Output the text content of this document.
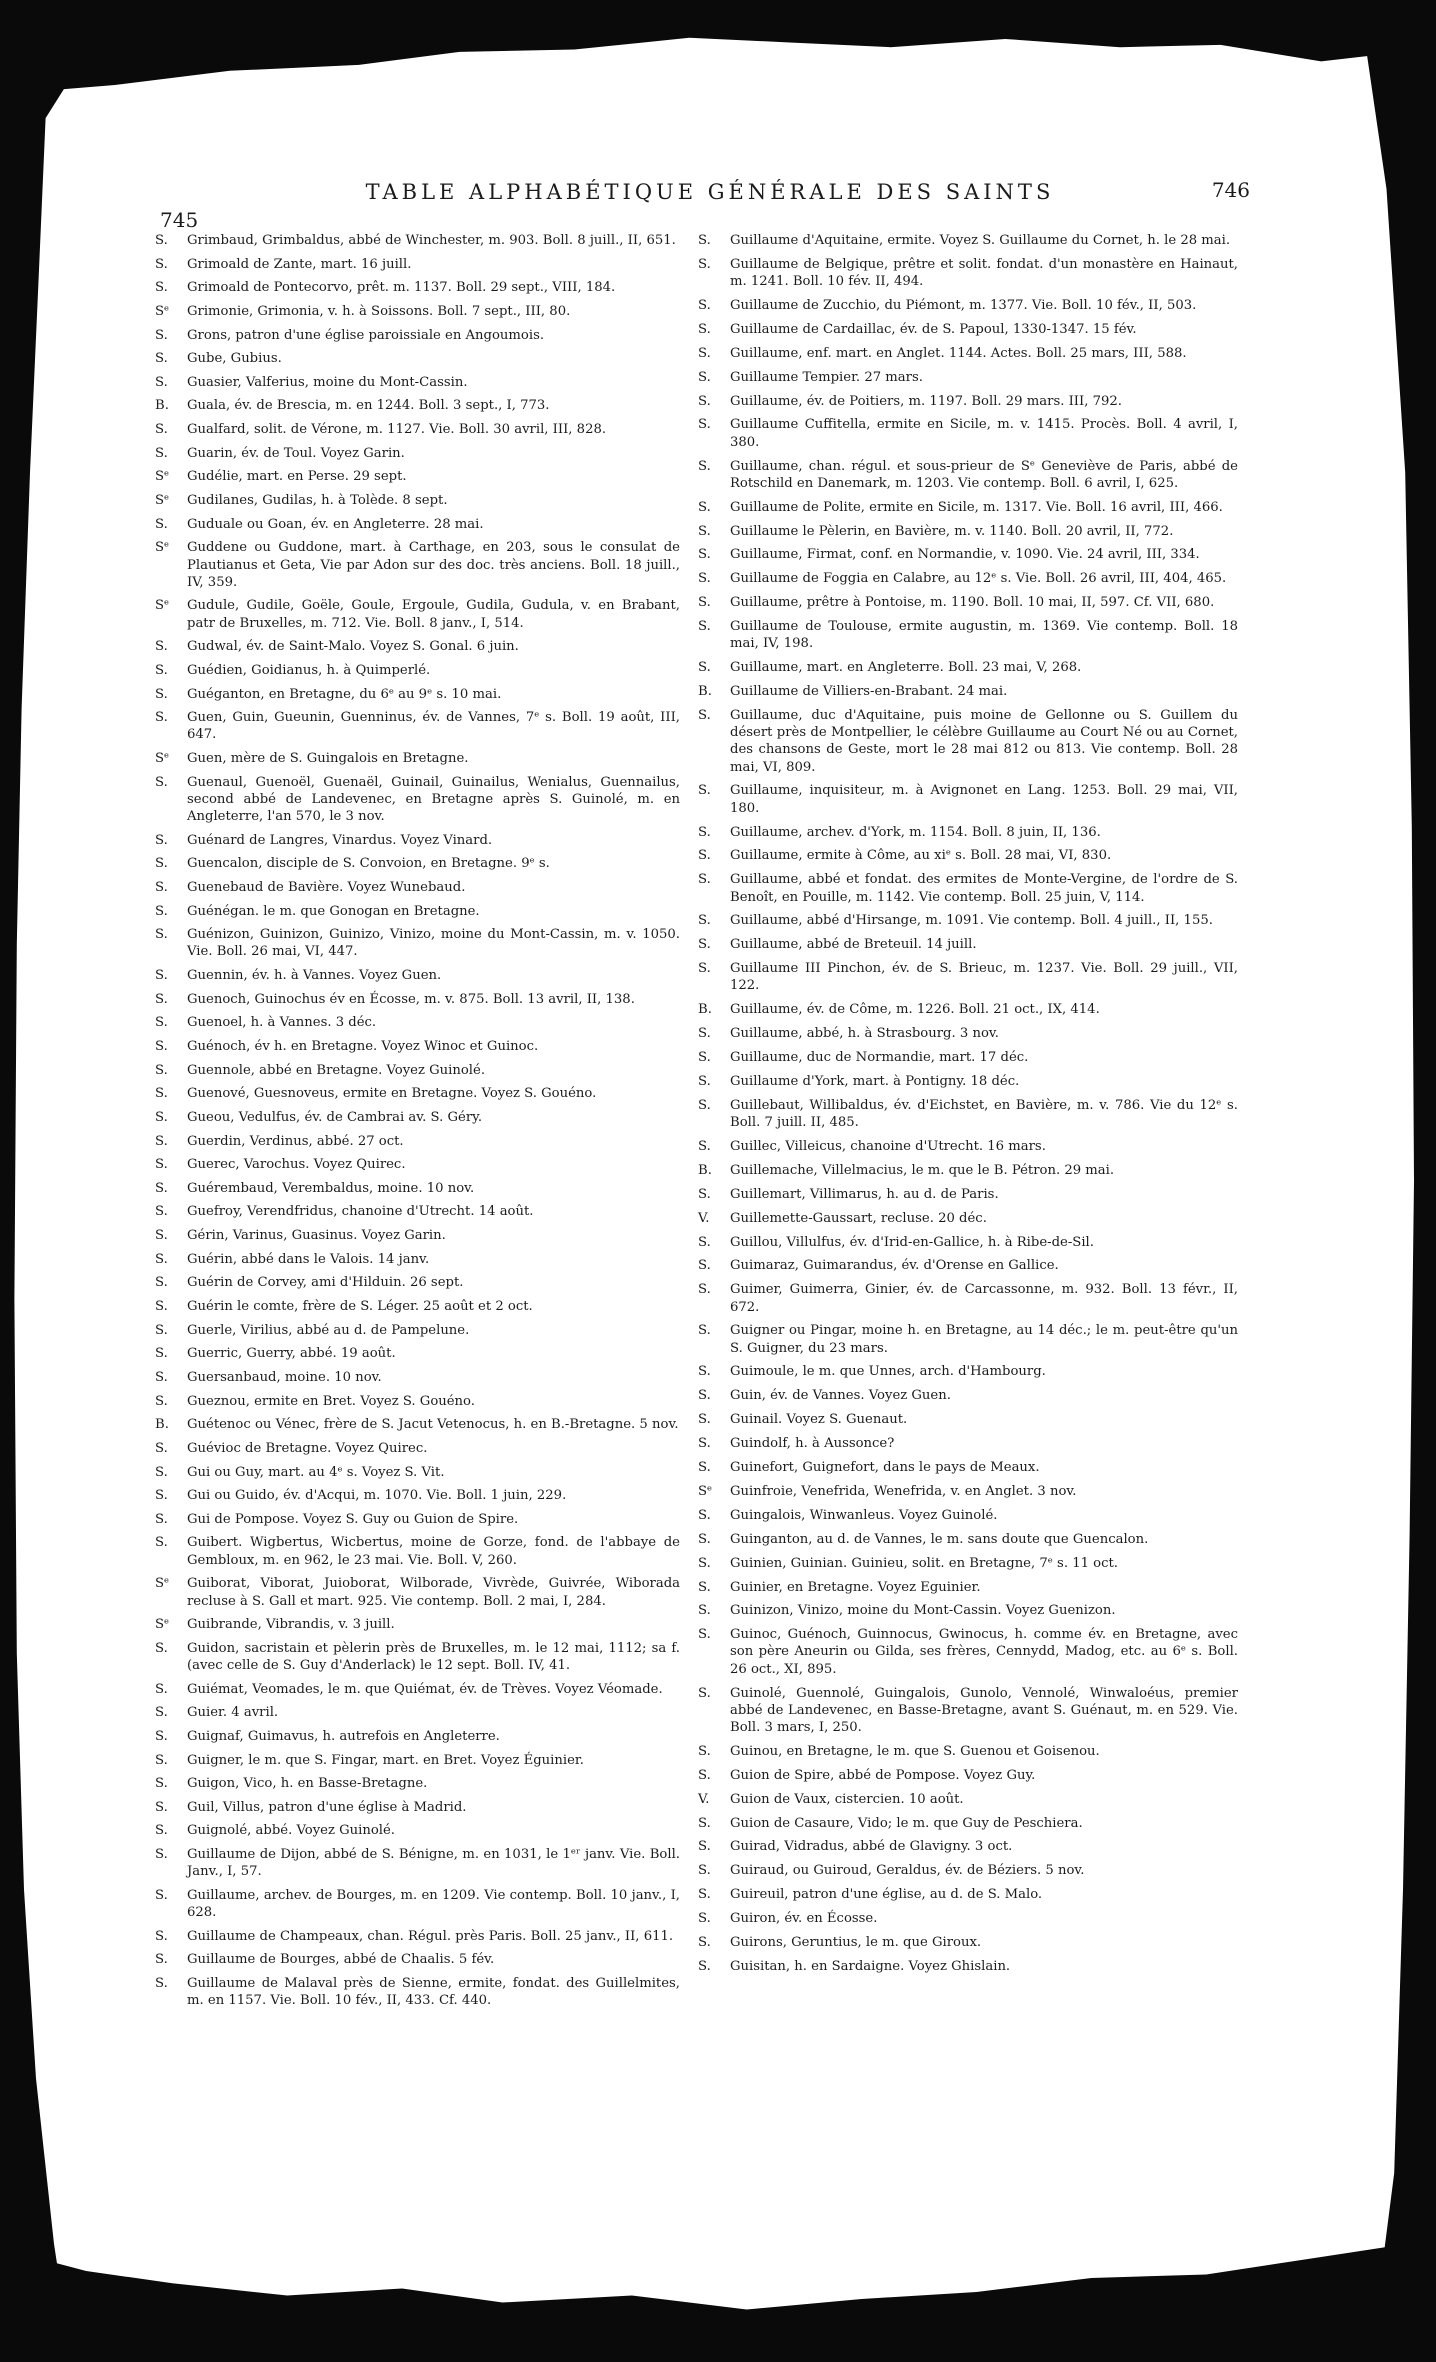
745
TABLE ALPHABÉTIQUE GÉNÉRALE DES SAINTS	746
S.	Grimbaud, Grimbaldus, abbé de Winchester, m. 903. Boll. 8 juill., II, 651.
S.	Grimoald de Zante, mart. 16 juill.
S.	Grimoald de Pontecorvo, prêt. m. 1137. Boll. 29 sept., VIII, 184.
Sᵉ	Grimonie, Grimonia, v. h. à Soissons. Boll. 7 sept., III, 80.
S.	Grons, patron d'une église paroissiale en Angoumois.
S.	Gube, Gubius.
S.	Guasier, Valferius, moine du Mont-Cassin.
B.	Guala, év. de Brescia, m. en 1244. Boll. 3 sept., I, 773.
S.	Gualfard, solit. de Vérone, m. 1127. Vie. Boll. 30 avril, III, 828.
S.	Guarin, év. de Toul. Voyez Garin.
Sᵉ	Gudélie, mart. en Perse. 29 sept.
Sᵉ	Gudilanes, Gudilas, h. à Tolède. 8 sept.
S.	Guduale ou Goan, év. en Angleterre. 28 mai.
Sᵉ	Guddene ou Guddone, mart. à Carthage, en 203, sous le consulat de Plautianus et Geta, Vie par Adon sur des doc. très anciens. Boll. 18 juill., IV, 359.
Sᵉ	Gudule, Gudile, Goële, Goule, Ergoule, Gudila, Gudula, v. en Brabant, patr de Bruxelles, m. 712. Vie. Boll. 8 janv., I, 514.
S.	Gudwal, év. de Saint-Malo. Voyez S. Gonal. 6 juin.
S.	Guédien, Goidianus, h. à Quimperlé.
S.	Guéganton, en Bretagne, du 6ᵉ au 9ᵉ s. 10 mai.
S.	Guen, Guin, Gueunin, Guenninus, év. de Vannes, 7ᵉ s. Boll. 19 août, III, 647.
Sᵉ	Guen, mère de S. Guingalois en Bretagne.
S.	Guenaul, Guenoël, Guenaël, Guinail, Guinailus, Wenialus, Guennailus, second abbé de Landevenec, en Bretagne après S. Guinolé, m. en Angleterre, l'an 570, le 3 nov.
S.	Guénard de Langres, Vinardus. Voyez Vinard.
S.	Guencalon, disciple de S. Convoion, en Bretagne. 9ᵉ s.
S.	Guenebaud de Bavière. Voyez Wunebaud.
S.	Guénégan. le m. que Gonogan en Bretagne.
S.	Guénizon, Guinizon, Guinizo, Vinizo, moine du Mont-Cassin, m. v. 1050. Vie. Boll. 26 mai, VI, 447.
S.	Guennin, év. h. à Vannes. Voyez Guen.
S.	Guenoch, Guinochus év en Écosse, m. v. 875. Boll. 13 avril, II, 138.
S.	Guenoel, h. à Vannes. 3 déc.
S.	Guénoch, év h. en Bretagne. Voyez Winoc et Guinoc.
S.	Guennole, abbé en Bretagne. Voyez Guinolé.
S.	Guenové, Guesnoveus, ermite en Bretagne. Voyez S. Gouéno.
S.	Gueou, Vedulfus, év. de Cambrai av. S. Géry.
S.	Guerdin, Verdinus, abbé. 27 oct.
S.	Guerec, Varochus. Voyez Quirec.
S.	Guérembaud, Verembaldus, moine. 10 nov.
S.	Guefroy, Verendfridus, chanoine d'Utrecht. 14 août.
S.	Gérin, Varinus, Guasinus. Voyez Garin.
S.	Guérin, abbé dans le Valois. 14 janv.
S.	Guérin de Corvey, ami d'Hilduin. 26 sept.
S.	Guérin le comte, frère de S. Léger. 25 août et 2 oct.
S.	Guerle, Virilius, abbé au d. de Pampelune.
S.	Guerric, Guerry, abbé. 19 août.
S.	Guersanbaud, moine. 10 nov.
S.	Gueznou, ermite en Bret. Voyez S. Gouéno.
B.	Guétenoc ou Vénec, frère de S. Jacut Vetenocus, h. en B.-Bretagne. 5 nov.
S.	Guévioc de Bretagne. Voyez Quirec.
S.	Gui ou Guy, mart. au 4ᵉ s. Voyez S. Vit.
S.	Gui ou Guido, év. d'Acqui, m. 1070. Vie. Boll. 1 juin, 229.
S.	Gui de Pompose. Voyez S. Guy ou Guion de Spire.
S.	Guibert. Wigbertus, Wicbertus, moine de Gorze, fond. de l'abbaye de Gembloux, m. en 962, le 23 mai. Vie. Boll. V, 260.
Sᵉ	Guiborat, Viborat, Juioborat, Wilborade, Vivrède, Guivrée, Wiborada recluse à S. Gall et mart. 925. Vie contemp. Boll. 2 mai, I, 284.
Sᵉ	Guibrande, Vibrandis, v. 3 juill.
S.	Guidon, sacristain et pèlerin près de Bruxelles, m. le 12 mai, 1112; sa f. (avec celle de S. Guy d'Anderlack) le 12 sept. Boll. IV, 41.
S.	Guiémat, Veomades, le m. que Quiémat, év. de Trèves. Voyez Véomade.
S.	Guier. 4 avril.
S.	Guignaf, Guimavus, h. autrefois en Angleterre.
S.	Guigner, le m. que S. Fingar, mart. en Bret. Voyez Éguinier.
S.	Guigon, Vico, h. en Basse-Bretagne.
S.	Guil, Villus, patron d'une église à Madrid.
S.	Guignolé, abbé. Voyez Guinolé.
S.	Guillaume de Dijon, abbé de S. Bénigne, m. en 1031, le 1ᵉʳ janv. Vie. Boll. Janv., I, 57.
S.	Guillaume, archev. de Bourges, m. en 1209. Vie contemp. Boll. 10 janv., I, 628.
S.	Guillaume de Champeaux, chan. Régul. près Paris. Boll. 25 janv., II, 611.
S.	Guillaume de Bourges, abbé de Chaalis. 5 fév.
S.	Guillaume de Malaval près de Sienne, ermite, fondat. des Guillelmites, m. en 1157. Vie. Boll. 10 fév., II, 433. Cf. 440.
S.	Guillaume d'Aquitaine, ermite. Voyez S. Guillaume du Cornet, h. le 28 mai.
S.	Guillaume de Belgique, prêtre et solit. fondat. d'un monastère en Hainaut, m. 1241. Boll. 10 fév. II, 494.
S.	Guillaume de Zucchio, du Piémont, m. 1377. Vie. Boll. 10 fév., II, 503.
S.	Guillaume de Cardaillac, év. de S. Papoul, 1330-1347. 15 fév.
S.	Guillaume, enf. mart. en Anglet. 1144. Actes. Boll. 25 mars, III, 588.
S.	Guillaume Tempier. 27 mars.
S.	Guillaume, év. de Poitiers, m. 1197. Boll. 29 mars. III, 792.
S.	Guillaume Cuffitella, ermite en Sicile, m. v. 1415. Procès. Boll. 4 avril, I, 380.
S.	Guillaume, chan. régul. et sous-prieur de Sᵉ Geneviève de Paris, abbé de Rotschild en Danemark, m. 1203. Vie contemp. Boll. 6 avril, I, 625.
S.	Guillaume de Polite, ermite en Sicile, m. 1317. Vie. Boll. 16 avril, III, 466.
S.	Guillaume le Pèlerin, en Bavière, m. v. 1140. Boll. 20 avril, II, 772.
S.	Guillaume, Firmat, conf. en Normandie, v. 1090. Vie. 24 avril, III, 334.
S.	Guillaume de Foggia en Calabre, au 12ᵉ s. Vie. Boll. 26 avril, III, 404, 465.
S.	Guillaume, prêtre à Pontoise, m. 1190. Boll. 10 mai, II, 597. Cf. VII, 680.
S.	Guillaume de Toulouse, ermite augustin, m. 1369. Vie contemp. Boll. 18 mai, IV, 198.
S.	Guillaume, mart. en Angleterre. Boll. 23 mai, V, 268.
B.	Guillaume de Villiers-en-Brabant. 24 mai.
S.	Guillaume, duc d'Aquitaine, puis moine de Gellonne ou S. Guillem du désert près de Montpellier, le célèbre Guillaume au Court Né ou au Cornet, des chansons de Geste, mort le 28 mai 812 ou 813. Vie contemp. Boll. 28 mai, VI, 809.
S.	Guillaume, inquisiteur, m. à Avignonet en Lang. 1253. Boll. 29 mai, VII, 180.
S.	Guillaume, archev. d'York, m. 1154. Boll. 8 juin, II, 136.
S.	Guillaume, ermite à Côme, au xiᵉ s. Boll. 28 mai, VI, 830.
S.	Guillaume, abbé et fondat. des ermites de Monte-Vergine, de l'ordre de S. Benoît, en Pouille, m. 1142. Vie contemp. Boll. 25 juin, V, 114.
S.	Guillaume, abbé d'Hirsange, m. 1091. Vie contemp. Boll. 4 juill., II, 155.
S.	Guillaume, abbé de Breteuil. 14 juill.
S.	Guillaume III Pinchon, év. de S. Brieuc, m. 1237. Vie. Boll. 29 juill., VII, 122.
B.	Guillaume, év. de Côme, m. 1226. Boll. 21 oct., IX, 414.
S.	Guillaume, abbé, h. à Strasbourg. 3 nov.
S.	Guillaume, duc de Normandie, mart. 17 déc.
S.	Guillaume d'York, mart. à Pontigny. 18 déc.
S.	Guillebaut, Willibaldus, év. d'Eichstet, en Bavière, m. v. 786. Vie du 12ᵉ s. Boll. 7 juill. II, 485.
S.	Guillec, Villeicus, chanoine d'Utrecht. 16 mars.
B.	Guillemache, Villelmacius, le m. que le B. Pétron. 29 mai.
S.	Guillemart, Villimarus, h. au d. de Paris.
V.	Guillemette-Gaussart, recluse. 20 déc.
S.	Guillou, Villulfus, év. d'Irid-en-Gallice, h. à Ribe-de-Sil.
S.	Guimaraz, Guimarandus, év. d'Orense en Gallice.
S.	Guimer, Guimerra, Ginier, év. de Carcassonne, m. 932. Boll. 13 févr., II, 672.
S.	Guigner ou Pingar, moine h. en Bretagne, au 14 déc.; le m. peut-être qu'un S. Guigner, du 23 mars.
S.	Guimoule, le m. que Unnes, arch. d'Hambourg.
S.	Guin, év. de Vannes. Voyez Guen.
S.	Guinail. Voyez S. Guenaut.
S.	Guindolf, h. à Aussonce?
S.	Guinefort, Guignefort, dans le pays de Meaux.
Sᵉ	Guinfroie, Venefrida, Wenefrida, v. en Anglet. 3 nov.
S.	Guingalois, Winwanleus. Voyez Guinolé.
S.	Guinganton, au d. de Vannes, le m. sans doute que Guencalon.
S.	Guinien, Guinian. Guinieu, solit. en Bretagne, 7ᵉ s. 11 oct.
S.	Guinier, en Bretagne. Voyez Eguinier.
S.	Guinizon, Vinizo, moine du Mont-Cassin. Voyez Guenizon.
S.	Guinoc, Guénoch, Guinnocus, Gwinocus, h. comme év. en Bretagne, avec son père Aneurin ou Gilda, ses frères, Cennydd, Madog, etc. au 6ᵉ s. Boll. 26 oct., XI, 895.
S.	Guinolé, Guennolé, Guingalois, Gunolo, Vennolé, Winwaloéus, premier abbé de Landevenec, en Basse-Bretagne, avant S. Guénaut, m. en 529. Vie. Boll. 3 mars, I, 250.
S.	Guinou, en Bretagne, le m. que S. Guenou et Goisenou.
S.	Guion de Spire, abbé de Pompose. Voyez Guy.
V.	Guion de Vaux, cistercien. 10 août.
S.	Guion de Casaure, Vido; le m. que Guy de Peschiera.
S.	Guirad, Vidradus, abbé de Glavigny. 3 oct.
S.	Guiraud, ou Guiroud, Geraldus, év. de Béziers. 5 nov.
S.	Guireuil, patron d'une église, au d. de S. Malo.
S.	Guiron, év. en Écosse.
S.	Guirons, Geruntius, le m. que Giroux.
S.	Guisitan, h. en Sardaigne. Voyez Ghislain.
